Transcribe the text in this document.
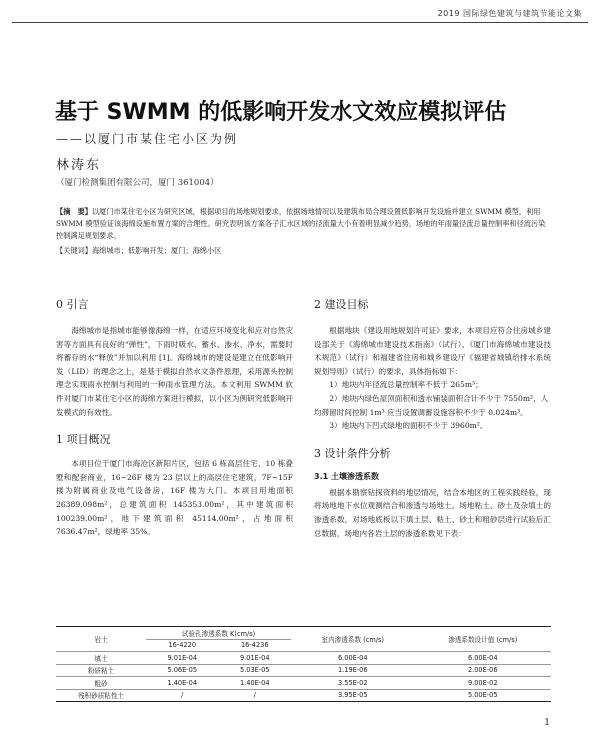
2019 国际绿色建筑与建筑节能论文集
基于 SWMM 的低影响开发水文效应模拟评估
——以厦门市某住宅小区为例
林涛东
（厦门检测集团有限公司，厦门 361004）
【摘　要】以厦门市某住宅小区为研究区域，根据项目的场地规划要求，依据场地情况以及建筑布局合理设置低影响开发设施并建立 SWMM 模型，利用 SWMM 模型验证该海绵设施布置方案的合理性。研究表明该方案各子汇水区域的径流量大小有着明显减少趋势，场地的年雨量径流总量控制率和径流污染控制满足规划要求。
【关键词】海绵城市；低影响开发；厦门；海绵小区
0 引言
海绵城市是指城市能够像海绵一样，在适应环境变化和应对自然灾害等方面具有良好的“弹性”，下雨时吸水、蓄水、渗水、净水，需要时将蓄存的水“释放”并加以利用 [1]。海绵城市的建设是建立在低影响开发（LID）的理念之上，是基于模拟自然水文条件原理，采用源头控制理念实现雨水控制与利用的一种雨水管理方法。本文利用 SWMM 软件对厦门市某住宅小区的海绵方案进行模拟，以小区为例研究低影响开发模式的有效性。
1 项目概况
本项目位于厦门市海沧区新阳片区，包括 6 栋高层住宅、10 栋叠墅和配套商业，16~26F 楼为 23 层以上的高层住宅建筑，7F~15F 楼为附属商业及电气设备房，16F 楼为大门。本项目用地面积 26389.098m²，总建筑面积 145353.00m²，其中建筑面积 100239.00m²，地下建筑面积 45114.00m²，占地面积 7636.47m²，绿地率 35%。
2 建设目标
根据地块《建设用地规划许可证》要求，本项目应符合住房城乡建设部关于《海绵城市建设技术指南》（试行）、《厦门市海绵城市建设技术规范》（试行）和福建省住房和城乡建设厅《福建省城镇给排水系统规划导则》（试行）的要求，具体指标如下：
1）地块内年径流总量控制率不低于 265m³；
2）地块内绿色屋顶面积和透水铺装面积合计不少于 7550m²，人均滞留时间控制 1m³ 应当设置调蓄设施容积不少于 0.024m³。
3）地块内下凹式绿地的面积不少于 3960m²。
3 设计条件分析
3.1 土壤渗透系数
根据本勘察钻探资料的地层情况，结合本地区的工程实践经验，现将场地地下水位观测结合和渗透与场地土。场地粘土、砂土及杂填土的渗透系数，对场地底板以下填土层、粘土、砂土和粗砂层进行试验后汇总数据，场地内各岩土层的渗透系数见下表：
岩土	试验孔渗透系数 K(cm/s)		室内渗透系数 (cm/s)	渗透系数设计值 (cm/s)
	16-4220	16-4236		
填土	9.01E-04	9.01E-04	6.00E-04	6.00E-04
粉质粘土	5.06E-05	5.03E-05	1.19E-06	2.00E-06
粗砂	1.40E-04	1.40E-04	3.55E-02	9.00E-02
残积砂质粘性土	/	/	3.95E-05	5.00E-05
1
